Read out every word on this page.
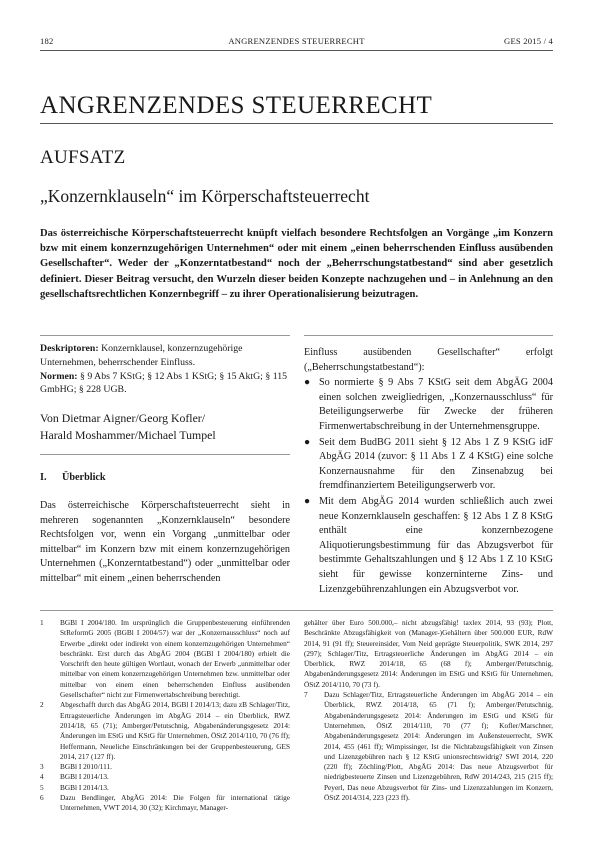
182	ANGRENZENDES STEUERRECHT	GES 2015 / 4
ANGRENZENDES STEUERRECHT
AUFSATZ
„Konzernklauseln“ im Körperschaftsteuerrecht
Das österreichische Körperschaftsteuerrecht knüpft vielfach besondere Rechtsfolgen an Vorgänge „im Konzern bzw mit einem konzernzugehörigen Unternehmen“ oder mit einem „einen beherrschenden Einfluss ausübenden Gesellschafter“. Weder der „Konzerntatbestand“ noch der „Beherrschungstatbestand“ sind aber gesetzlich definiert. Dieser Beitrag versucht, den Wurzeln dieser beiden Konzepte nachzugehen und – in Anlehnung an den gesellschaftsrechtlichen Konzernbegriff – zu ihrer Operationalisierung beizutragen.
Deskriptoren: Konzernklausel, konzernzugehörige Unternehmen, beherrschender Einfluss.
Normen: § 9 Abs 7 KStG; § 12 Abs 1 KStG; § 15 AktG; § 115 GmbHG; § 228 UGB.
Von Dietmar Aigner/Georg Kofler/
Harald Moshammer/Michael Tumpel
I. Überblick
Das österreichische Körperschaftsteuerrecht sieht in mehreren sogenannten „Konzernklauseln“ besondere Rechtsfolgen vor, wenn ein Vorgang „unmittelbar oder mittelbar“ im Konzern bzw mit einem konzernzugehörigen Unternehmen („Konzerntatbestand“) oder „unmittelbar oder mittelbar“ mit einem „einen beherrschenden
Einfluss ausübenden Gesellschafter“ erfolgt („Beherrschungstatbestand“):
● So normierte § 9 Abs 7 KStG seit dem AbgÄG 2004 einen solchen zweigliedrigen, „Konzernausschluss“ für Beteiligungserwerbe für Zwecke der früheren Firmenwertabschreibung in der Unternehmensgruppe.
● Seit dem BudBG 2011 sieht § 12 Abs 1 Z 9 KStG idF AbgÄG 2014 (zuvor: § 11 Abs 1 Z 4 KStG) eine solche Konzernausnahme für den Zinsenabzug bei fremdfinanziertem Beteiligungserwerb vor.
● Mit dem AbgÄG 2014 wurden schließlich auch zwei neue Konzernklauseln geschaffen: § 12 Abs 1 Z 8 KStG enthält eine konzernbezogene Aliquotierungsbestimmung für das Abzugsverbot für bestimmte Gehaltszahlungen und § 12 Abs 1 Z 10 KStG sieht für gewisse konzerninterne Zins- und Lizenzgebührenzahlungen ein Abzugsverbot vor.
1 BGBl I 2004/180. Im ursprünglich die Gruppenbesteuerung einführenden StReformG 2005 (BGBl I 2004/57) war der „Konzernausschluss“ noch auf Erwerbe „direkt oder indirekt von einem konzernzugehörigen Unternehmen“ beschränkt. Erst durch das AbgÄG 2004 (BGBl I 2004/180) erhielt die Vorschrift den heute gültigen Wortlaut, wonach der Erwerb „unmittelbar oder mittelbar von einem konzernzugehörigen Unternehmen bzw. unmittelbar oder mittelbar von einem einen beherrschenden Einfluss ausübenden Gesellschafter“ nicht zur Firmenwertabschreibung berechtigt.
2 Abgeschafft durch das AbgÄG 2014, BGBl I 2014/13; dazu zB Schlager/Titz, Ertragsteuerliche Änderungen im AbgÄG 2014 – ein Überblick, RWZ 2014/18, 65 (71); Amberger/Petutschnig, Abgabenänderungsgesetz 2014: Änderungen im EStG und KStG für Unternehmen, ÖStZ 2014/110, 70 (76 ff); Heffermann, Neueliche Einschränkungen bei der Gruppenbesteuerung, GES 2014, 217 (127 ff).
3 BGBl I 2010/111.
4 BGBl I 2014/13.
5 BGBl I 2014/13.
6 Dazu Bendlinger, AbgÄG 2014: Die Folgen für international tätige Unternehmen, VWT 2014, 30 (32); Kirchmayr, Manager-
gehälter über Euro 500.000,– nicht abzugsfähig! taxlex 2014, 93 (93); Plott, Beschränkte Abzugsfähigkeit von (Manager-)Gehältern über 500.000 EUR, RdW 2014, 91 (91 ff); Steuereinsider, Vom Neid geprägte Steuerpolitik, SWK 2014, 297 (297); Schlager/Titz, Ertragsteuerliche Änderungen im AbgÄG 2014 – ein Überblick, RWZ 2014/18, 65 (68 f); Amberger/Petutschnig, Abgabenänderungsgesetz 2014: Änderungen im EStG und KStG für Unternehmen, ÖStZ 2014/110, 70 (73 f).
7 Dazu Schlager/Titz, Ertragsteuerliche Änderungen im AbgÄG 2014 – ein Überblick, RWZ 2014/18, 65 (71 f); Amberger/Petutschnig, Abgabenänderungsgesetz 2014: Änderungen im EStG und KStG für Unternehmen, ÖStZ 2014/110, 70 (77 f); Kofler/Marschner, Abgabenänderungsgesetz 2014: Änderungen im Außensteuerrecht, SWK 2014, 455 (461 ff); Wimpissinger, Ist die Nichtabzugsfähigkeit von Zinsen und Lizenzgebühren nach § 12 KStG unionsrechtswidrig? SWI 2014, 220 (220 ff); Zöchling/Plott, AbgÄG 2014: Das neue Abzugsverbot für niedrigbesteuerte Zinsen und Lizenzgebühren, RdW 2014/243, 215 (215 ff); Peyerl, Das neue Abzugsverbot für Zins- und Lizenzzahlungen im Konzern, ÖStZ 2014/314, 223 (223 ff).
